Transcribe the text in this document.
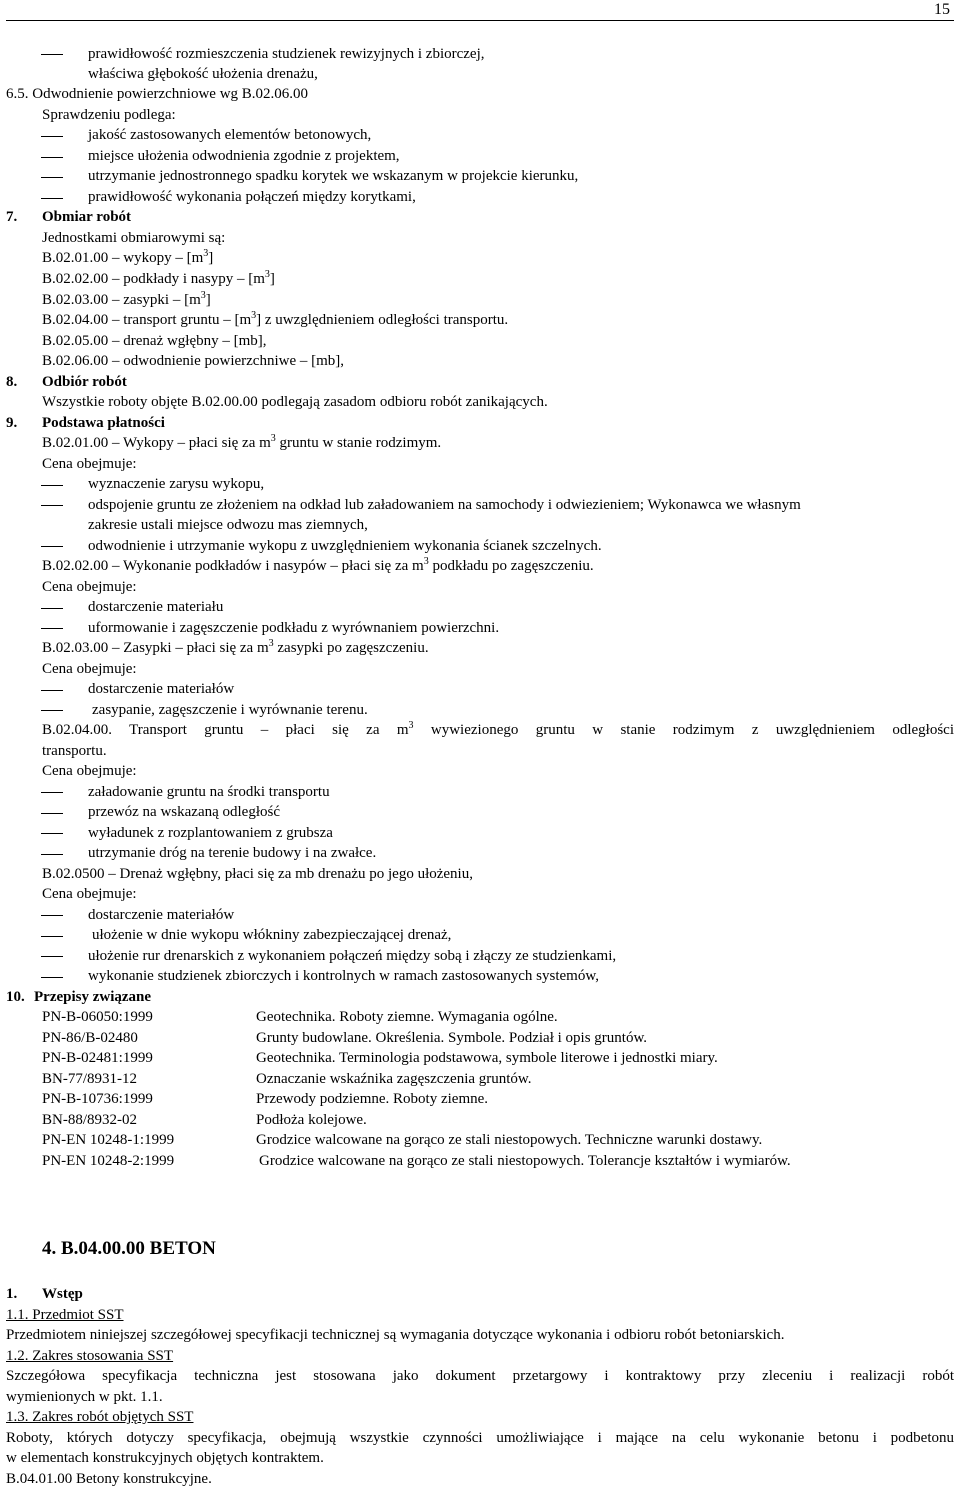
15
prawidłowość rozmieszczenia studzienek rewizyjnych i zbiorczej,
właściwa głębokość ułożenia drenażu,
6.5. Odwodnienie powierzchniowe wg B.02.06.00
Sprawdzeniu podlega:
jakość zastosowanych elementów betonowych,
miejsce ułożenia odwodnienia zgodnie z projektem,
utrzymanie jednostronnego spadku korytek we wskazanym w projekcie kierunku,
prawidłowość wykonania połączeń między korytkami,
7. Obmiar robót
Jednostkami obmiarowymi są:
B.02.01.00 – wykopy – $[m^3]$
B.02.02.00 – podkłady i nasypy – $[m^3]$
B.02.03.00 – zasypki – $[m^3]$
B.02.04.00 – transport gruntu – $[m^3]$ z uwzględnieniem odległości transportu.
B.02.05.00 – drenaż wgłębny – [mb],
B.02.06.00 – odwodnienie powierzchniwe – [mb],
8. Odbiór robót
Wszystkie roboty objęte B.02.00.00 podlegają zasadom odbioru robót zanikających.
9. Podstawa płatności
B.02.01.00 – Wykopy – płaci się za $m^3$ gruntu w stanie rodzimym.
Cena obejmuje:
wyznaczenie zarysu wykopu,
odspojenie gruntu ze złożeniem na odkład lub załadowaniem na samochody i odwiezieniem; Wykonawca we własnym
zakresie ustali miejsce odwozu mas ziemnych,
odwodnienie i utrzymanie wykopu z uwzględnieniem wykonania ścianek szczelnych.
B.02.02.00 – Wykonanie podkładów i nasypów – płaci się za $m^3$ podkładu po zagęszczeniu.
Cena obejmuje:
dostarczenie materiału
uformowanie i zagęszczenie podkładu z wyrównaniem powierzchni.
B.02.03.00 – Zasypki – płaci się za $m^3$ zasypki po zagęszczeniu.
Cena obejmuje:
dostarczenie materiałów
zasypanie, zagęszczenie i wyrównanie terenu.
B.02.04.00. Transport gruntu – płaci się za $m^3$ wywiezionego gruntu w stanie rodzimym z uwzględnieniem odległości
transportu.
Cena obejmuje:
załadowanie gruntu na środki transportu
przewóz na wskazaną odległość
wyładunek z rozplantowaniem z grubsza
utrzymanie dróg na terenie budowy i na zwałce.
B.02.0500 – Drenaż wgłębny, płaci się za mb drenażu po jego ułożeniu,
Cena obejmuje:
dostarczenie materiałów
ułożenie w dnie wykopu włókniny zabezpieczającej drenaż,
ułożenie rur drenarskich z wykonaniem połączeń między sobą i złączy ze studzienkami,
wykonanie studzienek zbiorczych i kontrolnych w ramach zastosowanych systemów,
10. Przepisy związane
PN-B-06050:1999	Geotechnika. Roboty ziemne. Wymagania ogólne.
PN-86/B-02480	Grunty budowlane. Określenia. Symbole. Podział i opis gruntów.
PN-B-02481:1999	Geotechnika. Terminologia podstawowa, symbole literowe i jednostki miary.
BN-77/8931-12	Oznaczanie wskaźnika zagęszczenia gruntów.
PN-B-10736:1999	Przewody podziemne. Roboty ziemne.
BN-88/8932-02	Podłoża kolejowe.
PN-EN 10248-1:1999	Grodzice walcowane na gorąco ze stali niestopowych. Techniczne warunki dostawy.
PN-EN 10248-2:1999	Grodzice walcowane na gorąco ze stali niestopowych. Tolerancje kształtów i wymiarów.
4. B.04.00.00 BETON
1. Wstęp
1.1. Przedmiot SST
Przedmiotem niniejszej szczegółowej specyfikacji technicznej są wymagania dotyczące wykonania i odbioru robót betoniarskich.
1.2. Zakres stosowania SST
Szczegółowa specyfikacja techniczna jest stosowana jako dokument przetargowy i kontraktowy przy zleceniu i realizacji robót
wymienionych w pkt. 1.1.
1.3. Zakres robót objętych SST
Roboty, których dotyczy specyfikacja, obejmują wszystkie czynności umożliwiające i mające na celu wykonanie betonu i podbetonu
w elementach konstrukcyjnych objętych kontraktem.
B.04.01.00 Betony konstrukcyjne.
